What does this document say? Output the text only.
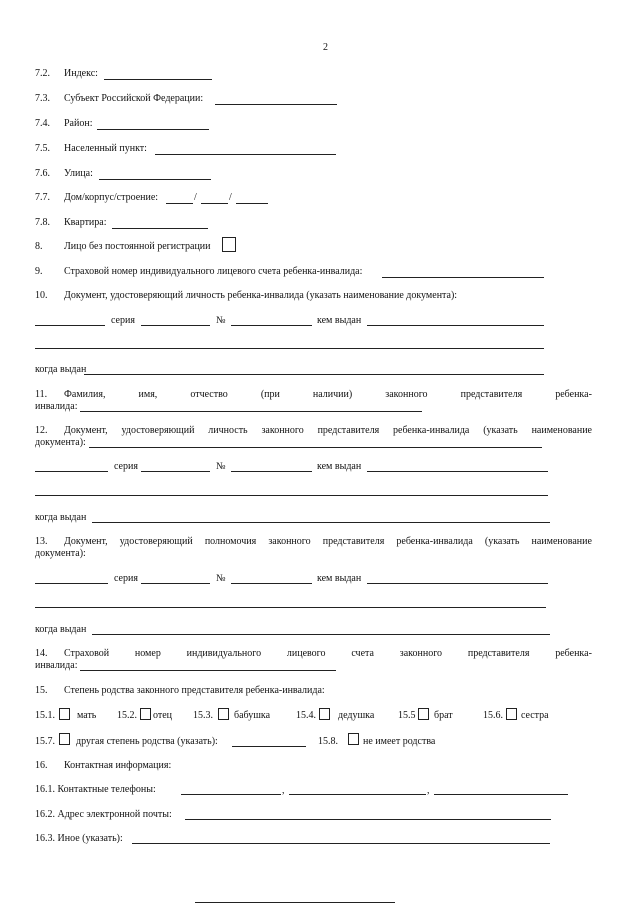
2
7.2. Индекс:
7.3. Субъект Российской Федерации:
7.4. Район:
7.5. Населенный пункт:
7.6. Улица:
7.7. Дом/корпус/строение:	/	/
7.8. Квартира:
8. Лицо без постоянной регистрации
9. Страховой номер индивидуального лицевого счета ребенка-инвалида:
10. Документ, удостоверяющий личность ребенка-инвалида (указать наименование документа):
серия	№	кем выдан
когда выдан
11. Фамилия,	имя,	отчество	(при	наличии)	законного	представителя	ребенка-
инвалида:
12. Документ, удостоверяющий личность законного представителя ребенка-инвалида (указать наименование
документа):
серия	№	кем выдан
когда выдан
13. Документ, удостоверяющий полномочия законного представителя ребенка-инвалида (указать наименование
документа):
серия	№	кем выдан
когда выдан
14. Страховой	номер	индивидуального	лицевого	счета	законного	представителя	ребенка-
инвалида:
15. Степень родства законного представителя ребенка-инвалида:
15.1. мать 15.2. отец 15.3. бабушка	15.4. дедушка 15.5 брат	15.6. сестра
15.7. другая степень родства (указать):	15.8.	не имеет родства
16. Контактная информация:
16.1. Контактные телефоны:	,	,
16.2. Адрес электронной почты:
16.3. Иное (указать):
